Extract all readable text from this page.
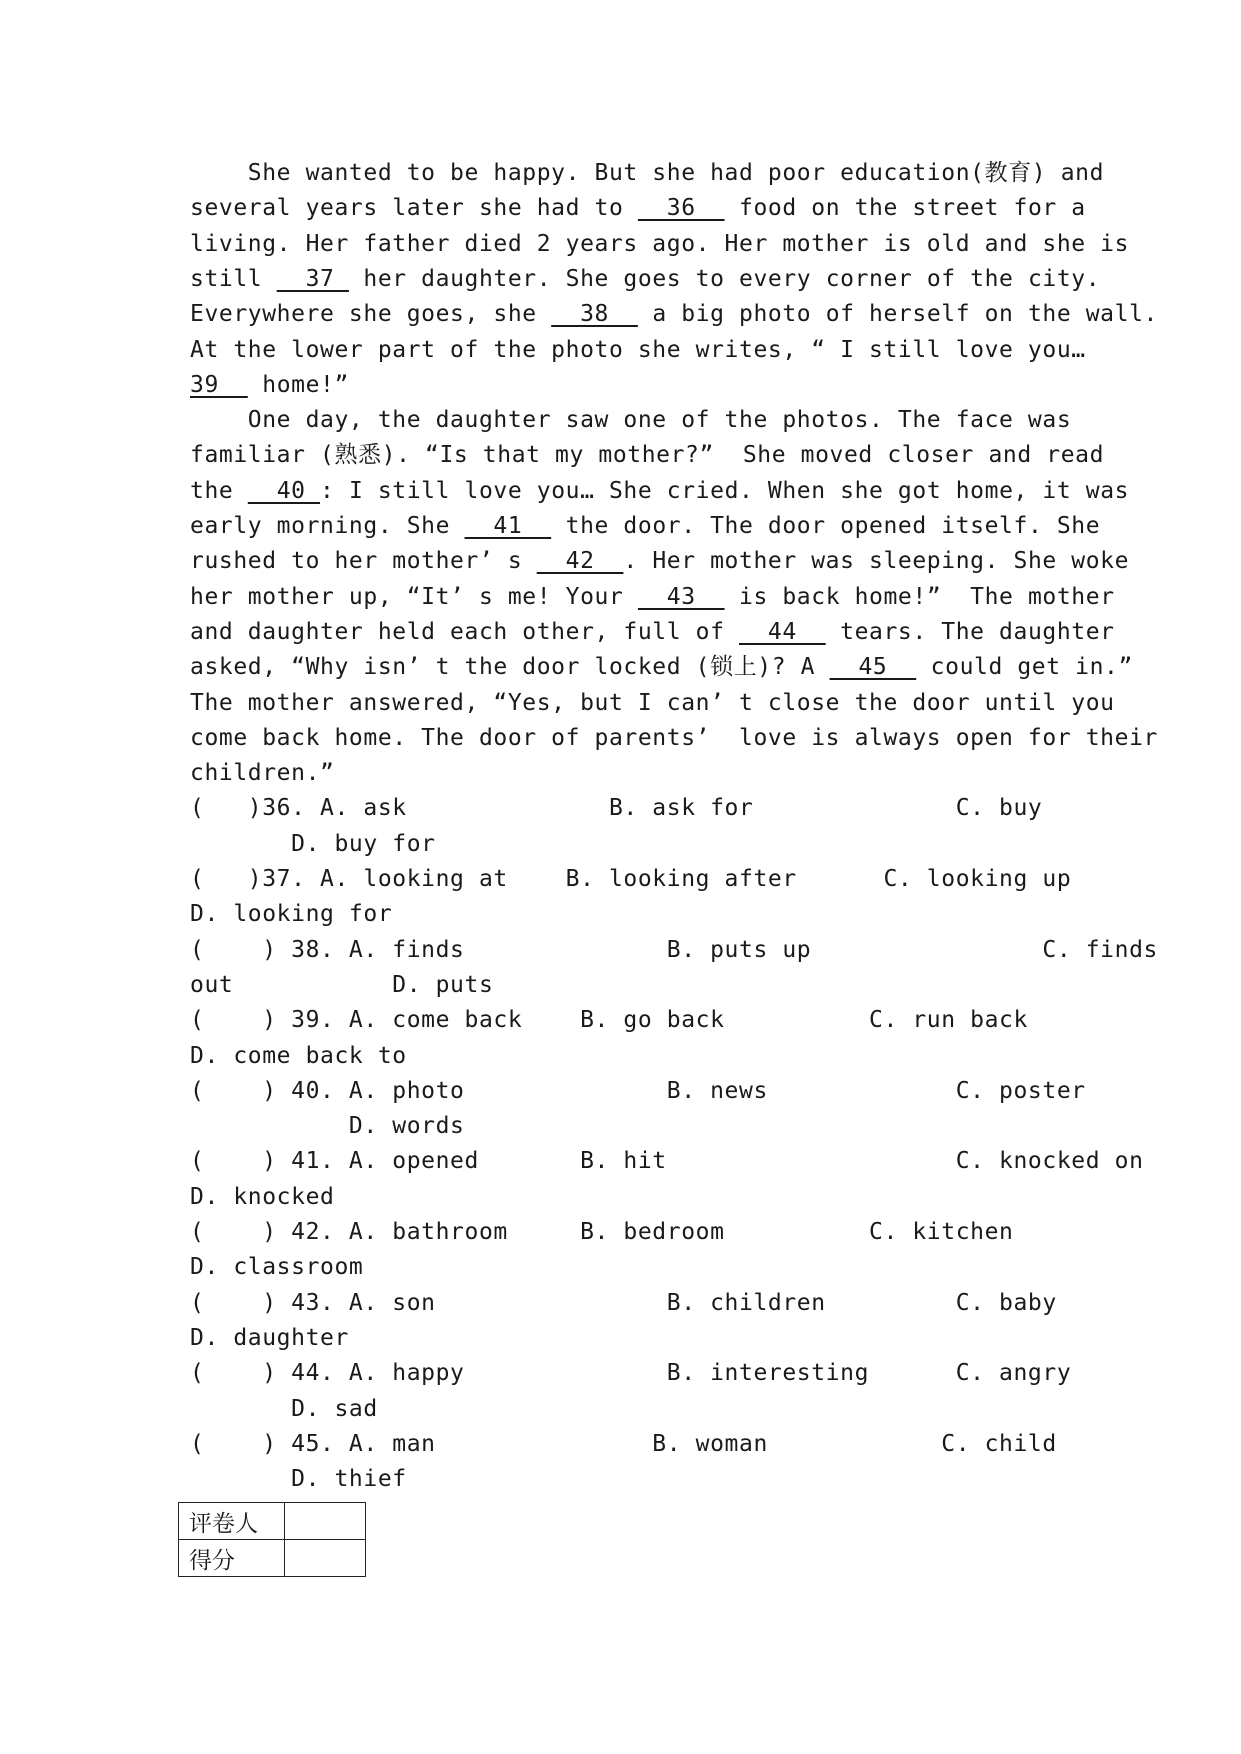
She wanted to be happy. But she had poor education(教育) and
several years later she had to   36   food on the street for a
living. Her father died 2 years ago. Her mother is old and she is
still   37  her daughter. She goes to every corner of the city.
Everywhere she goes, she   38   a big photo of herself on the wall.
At the lower part of the photo she writes, “ I still love you…
39   home!”
One day, the daughter saw one of the photos. The face was
familiar (熟悉). “Is that my mother?”  She moved closer and read
the   40 : I still love you… She cried. When she got home, it was
early morning. She   41   the door. The door opened itself. She
rushed to her mother’ s   42  . Her mother was sleeping. She woke
her mother up, “It’ s me! Your   43   is back home!”  The mother
and daughter held each other, full of   44   tears. The daughter
asked, “Why isn’ t the door locked (锁上)? A   45   could get in.”
The mother answered, “Yes, but I can’ t close the door until you
come back home. The door of parents’  love is always open for their
children.”
(   )36. A. ask              B. ask for              C. buy
D. buy for
(   )37. A. looking at    B. looking after      C. looking up
D. looking for
(    ) 38. A. finds              B. puts up                C. finds
out           D. puts
(    ) 39. A. come back    B. go back          C. run back
D. come back to
(    ) 40. A. photo              B. news             C. poster
D. words
(    ) 41. A. opened       B. hit                    C. knocked on
D. knocked
(    ) 42. A. bathroom     B. bedroom          C. kitchen
D. classroom
(    ) 43. A. son                B. children         C. baby
D. daughter
(    ) 44. A. happy              B. interesting      C. angry
D. sad
(    ) 45. A. man               B. woman            C. child
D. thief
评卷人	
得分	
